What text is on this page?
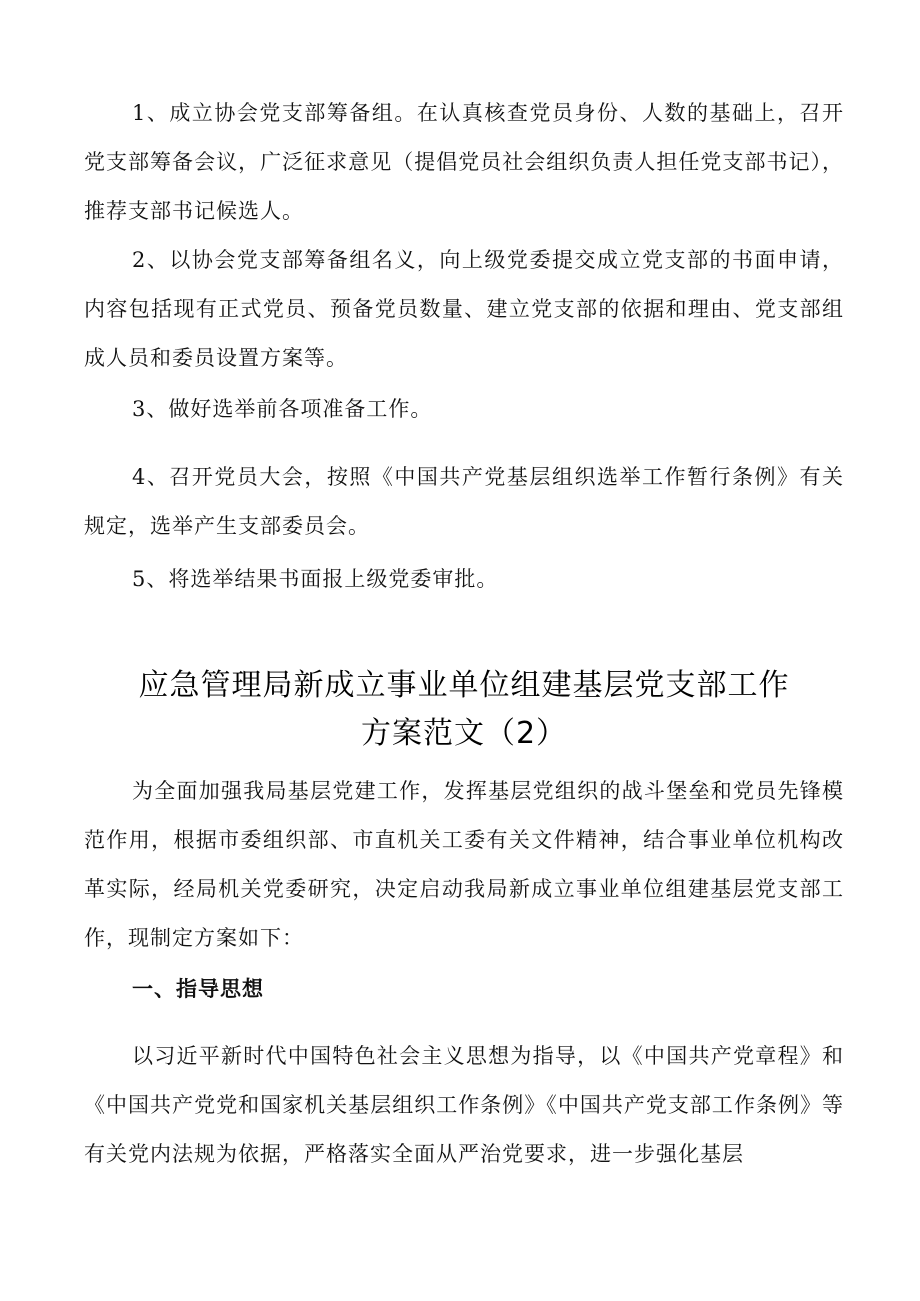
1、成立协会党支部筹备组。在认真核查党员身份、人数的基础上，召开党支部筹备会议，广泛征求意见（提倡党员社会组织负责人担任党支部书记），推荐支部书记候选人。

2、以协会党支部筹备组名义，向上级党委提交成立党支部的书面申请，内容包括现有正式党员、预备党员数量、建立党支部的依据和理由、党支部组成人员和委员设置方案等。

3、做好选举前各项准备工作。

4、召开党员大会，按照《中国共产党基层组织选举工作暂行条例》有关规定，选举产生支部委员会。

5、将选举结果书面报上级党委审批。

应急管理局新成立事业单位组建基层党支部工作
方案范文（2）

为全面加强我局基层党建工作，发挥基层党组织的战斗堡垒和党员先锋模范作用，根据市委组织部、市直机关工委有关文件精神，结合事业单位机构改革实际，经局机关党委研究，决定启动我局新成立事业单位组建基层党支部工作，现制定方案如下：

一、指导思想

以习近平新时代中国特色社会主义思想为指导，以《中国共产党章程》和《中国共产党党和国家机关基层组织工作条例》《中国共产党支部工作条例》等有关党内法规为依据，严格落实全面从严治党要求，进一步强化基层
